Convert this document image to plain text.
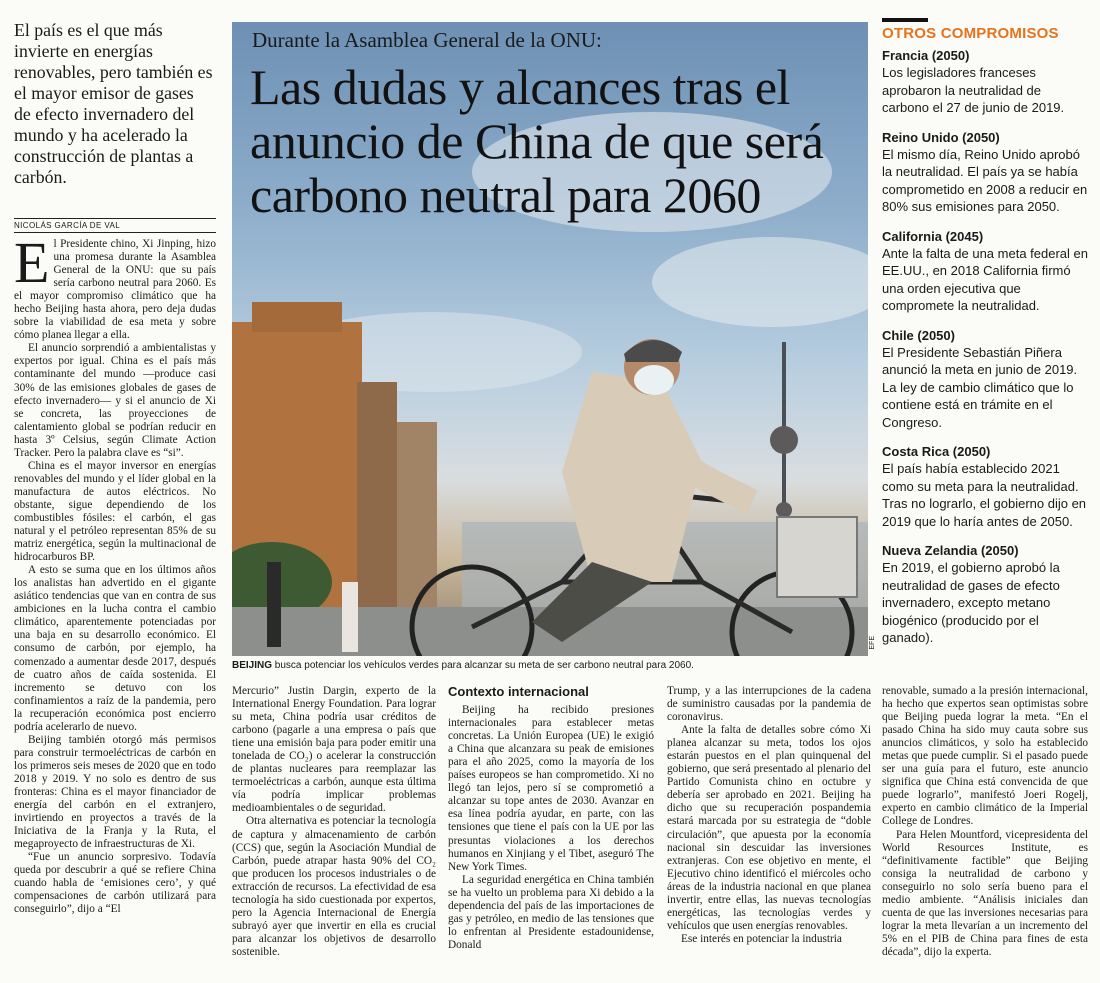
El país es el que más invierte en energías renovables, pero también es el mayor emisor de gases de efecto invernadero del mundo y ha acelerado la construcción de plantas a carbón.
NICOLÁS GARCÍA DE VAL

El Presidente chino, Xi Jinping, hizo una promesa durante la Asamblea General de la ONU: que su país sería carbono neutral para 2060. Es el mayor compromiso climático que ha hecho Beijing hasta ahora, pero deja dudas sobre la viabilidad de esa meta y sobre cómo planea llegar a ella.

El anuncio sorprendió a ambientalistas y expertos por igual. China es el país más contaminante del mundo —produce casi 30% de las emisiones globales de gases de efecto invernadero— y si el anuncio de Xi se concreta, las proyecciones de calentamiento global se podrían reducir en hasta 3º Celsius, según Climate Action Tracker. Pero la palabra clave es “si”.

China es el mayor inversor en energías renovables del mundo y el líder global en la manufactura de autos eléctricos. No obstante, sigue dependiendo de los combustibles fósiles: el carbón, el gas natural y el petróleo representan 85% de su matriz energética, según la multinacional de hidrocarburos BP.

A esto se suma que en los últimos años los analistas han advertido en el gigante asiático tendencias que van en contra de sus ambiciones en la lucha contra el cambio climático, aparentemente potenciadas por una baja en su desarrollo económico. El consumo de carbón, por ejemplo, ha comenzado a aumentar desde 2017, después de cuatro años de caída sostenida. El incremento se detuvo con los confinamientos a raíz de la pandemia, pero la recuperación económica post encierro podría acelerarlo de nuevo.

Beijing también otorgó más permisos para construir termoeléctricas de carbón en los primeros seis meses de 2020 que en todo 2018 y 2019. Y no solo es dentro de sus fronteras: China es el mayor financiador de energía del carbón en el extranjero, invirtiendo en proyectos a través de la Iniciativa de la Franja y la Ruta, el megaproyecto de infraestructuras de Xi.

“Fue un anuncio sorpresivo. Todavía queda por descubrir a qué se refiere China cuando habla de ‘emisiones cero’, y qué compensaciones de carbón utilizará para conseguirlo”, dijo a “El

Durante la Asamblea General de la ONU:
Las dudas y alcances tras el anuncio de China de que será carbono neutral para 2060
EFE
BEIJING busca potenciar los vehículos verdes para alcanzar su meta de ser carbono neutral para 2060.
OTROS COMPROMISOS
Francia (2050)
Los legisladores franceses aprobaron la neutralidad de carbono el 27 de junio de 2019.
Reino Unido (2050)
El mismo día, Reino Unido aprobó la neutralidad. El país ya se había comprometido en 2008 a reducir en 80% sus emisiones para 2050.
California (2045)
Ante la falta de una meta federal en EE.UU., en 2018 California firmó una orden ejecutiva que compromete la neutralidad.
Chile (2050)
El Presidente Sebastián Piñera anunció la meta en junio de 2019. La ley de cambio climático que lo contiene está en trámite en el Congreso.
Costa Rica (2050)
El país había establecido 2021 como su meta para la neutralidad. Tras no lograrlo, el gobierno dijo en 2019 que lo haría antes de 2050.
Nueva Zelandia (2050)
En 2019, el gobierno aprobó la neutralidad de gases de efecto invernadero, excepto metano biogénico (producido por el ganado).

Mercurio” Justin Dargin, experto de la International Energy Foundation. Para lograr su meta, China podría usar créditos de carbono (pagarle a una empresa o país que tiene una emisión baja para poder emitir una tonelada de CO₂) o acelerar la construcción de plantas nucleares para reemplazar las termoeléctricas a carbón, aunque esta última vía podría implicar problemas medioambientales o de seguridad.

Otra alternativa es potenciar la tecnología de captura y almacenamiento de carbón (CCS) que, según la Asociación Mundial de Carbón, puede atrapar hasta 90% del CO₂ que producen los procesos industriales o de extracción de recursos. La efectividad de esa tecnología ha sido cuestionada por expertos, pero la Agencia Internacional de Energía subrayó ayer que invertir en ella es crucial para alcanzar los objetivos de desarrollo sostenible.

Contexto internacional

Beijing ha recibido presiones internacionales para establecer metas concretas. La Unión Europea (UE) le exigió a China que alcanzara su peak de emisiones para el año 2025, como la mayoría de los países europeos se han comprometido. Xi no llegó tan lejos, pero sí se comprometió a alcanzar su tope antes de 2030. Avanzar en esa línea podría ayudar, en parte, con las tensiones que tiene el país con la UE por las presuntas violaciones a los derechos humanos en Xinjiang y el Tibet, aseguró The New York Times.

La seguridad energética en China también se ha vuelto un problema para Xi debido a la dependencia del país de las importaciones de gas y petróleo, en medio de las tensiones que lo enfrentan al Presidente estadounidense, Donald

Trump, y a las interrupciones de la cadena de suministro causadas por la pandemia de coronavirus.

Ante la falta de detalles sobre cómo Xi planea alcanzar su meta, todos los ojos estarán puestos en el plan quinquenal del gobierno, que será presentado al plenario del Partido Comunista chino en octubre y debería ser aprobado en 2021. Beijing ha dicho que su recuperación pospandemia estará marcada por su estrategia de “doble circulación”, que apuesta por la economía nacional sin descuidar las inversiones extranjeras. Con ese objetivo en mente, el Ejecutivo chino identificó el miércoles ocho áreas de la industria nacional en que planea invertir, entre ellas, las nuevas tecnologías energéticas, las tecnologías verdes y vehículos que usen energías renovables.

Ese interés en potenciar la industria

renovable, sumado a la presión internacional, ha hecho que expertos sean optimistas sobre que Beijing pueda lograr la meta. “En el pasado China ha sido muy cauta sobre sus anuncios climáticos, y solo ha establecido metas que puede cumplir. Si el pasado puede ser una guía para el futuro, este anuncio significa que China está convencida de que puede lograrlo”, manifestó Joeri Rogelj, experto en cambio climático de la Imperial College de Londres.

Para Helen Mountford, vicepresidenta del World Resources Institute, es “definitivamente factible” que Beijing consiga la neutralidad de carbono y conseguirlo no solo sería bueno para el medio ambiente. “Análisis iniciales dan cuenta de que las inversiones necesarias para lograr la meta llevarían a un incremento del 5% en el PIB de China para fines de esta década”, dijo la experta.
